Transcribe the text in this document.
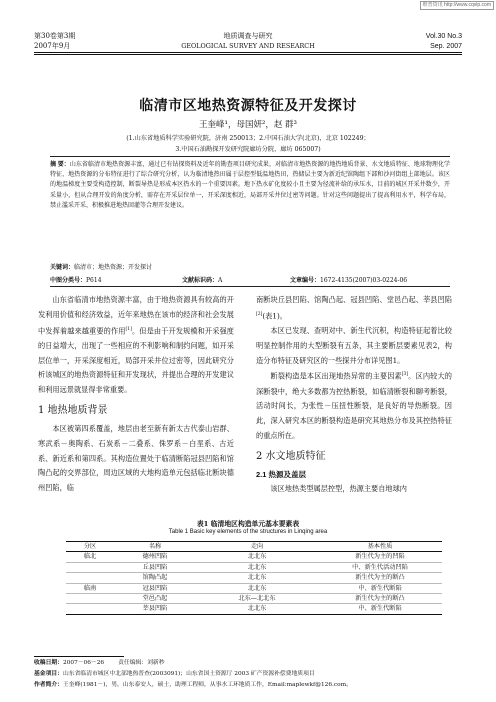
维普资讯 http://www.cqvip.com
第30卷第3期	地质调查与研究	Vol.30 No.3
2007年9月	GEOLOGICAL SURVEY AND RESEARCH	Sep. 2007
临清市区地热资源特征及开发探讨
王奎峰¹，母国妍²，赵 群³
(1.山东省地质科学实验研究院，济南 250013；2.中国石油大学(北京)，北京 102249；
3.中国石油勘探开发研究院廊坊分院，廊坊 065007)
摘 要：山东省临清市地热资源丰富，通过已有钻探资料及近年的勘查项目研究成果，对临清市地热资源的地热地质背景、水文地质特征、地球物理化学特征、地热资源的分布特征进行了综合研究分析，认为临清地热田属于层控型低温地热田，热储层主要为新近纪馆陶组下部和沙河街组上部地层。该区的地温梯度主要受构造控制，断裂导热是形成本区热水的一个重要因素。地下热水矿化度较小且主要为径流补给的承压水，目前的城区开采井数少，开采量小，但从合理开发的角度分析，需存在开采层位单一，开采深度相近，局部开采井位过密等问题。针对这些问题提出了提高利用水平，科学布局，禁止滥采开采，积极推进地热回灌等合理开发建议。
关键词：临清市；地热资源；开发探讨
中图分类号：P614	文献标识码：A	文章编号：1672-4135(2007)03-0224-06

山东省临清市地热资源丰富，由于地热资源具有较高的开发利用价值和经济效益，近年来地热在该市的经济和社会发展中发挥着越来越重要的作用[1]。但是由于开发规模和开采强度的日益增大，出现了一些相应的不利影响和制约问题，如开采层位单一，开采深度相近，局部开采井位过密等，因此研究分析该城区的地热资源特征和开发现状，并提出合理的开发建议和利用远景就显得非常重要。

1 地热地质背景

本区被第四系覆盖，地层由老至新有新太古代泰山岩群、寒武系－奥陶系、石炭系－二叠系、侏罗系－白垩系、古近系、新近系和第四系。其构造位置处于临清断陷冠县凹陷和馆陶凸起的交界部位，周边区域的大地构造单元包括临北断块德州凹陷，临

南断块丘县凹陷、馆陶凸起、冠县凹陷、堂邑凸起、莘县凹陷[2](表1)。

本区已发现、查明对中、新生代沉积，构造特征起着比较明显控制作用的大型断裂有五条，其主要断层要素见表2，构造分布特征及研究区的一些探井分布详见图1。

断裂构造是本区出现地热异常的主要因素[3]。区内较大的深断裂中，绝大多数都为控热断裂，如临清断裂和聊考断裂，活动时间长，为张性－压扭性断裂，是良好的导热断裂。因此，深入研究本区的断裂构造是研究其地热分布及其控热特征的重点所在。

2 水文地质特征
2.1 热源及盖层

该区地热类型属层控型，热源主要自地球内

表1 临清地区构造单元基本要素表
Table 1 Basic key elements of the structures in Linqing area
分区	名称	走向	基本性质
临北	德州凹陷	北北东	新生代为主的凹陷
	丘县凹陷	北北东	中、新生代活动凹陷
	馆陶凸起	北北东	新生代为主的断凸
临南	冠县凹陷	北北东	中、新生代断陷
	堂邑凸起	北东—北北东	新生代为主的断凸
	莘县凹陷	北北东	中、新生代断陷
收稿日期：2007－06－26 责任编辑：刘新秒
基金项目：山东省临清市城区中北部地热普查(2003091)；山东省国土资源厅 2003 矿产资源补偿费地质项目
作者简介：王奎峰(1981－)，男，山东泰安人，硕士，助理工程师，从事水工环地质工作，Email:maplewkf@126.com。
